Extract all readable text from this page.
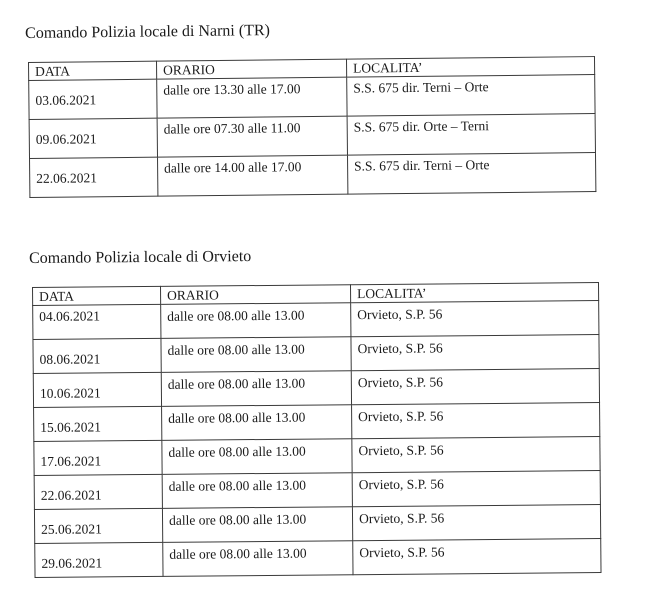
Comando Polizia locale di Narni (TR)
DATA	ORARIO	LOCALITA’
03.06.2021	dalle ore 13.30 alle 17.00	S.S. 675 dir. Terni – Orte
09.06.2021	dalle ore 07.30 alle 11.00	S.S. 675 dir. Orte – Terni
22.06.2021	dalle ore 14.00 alle 17.00	S.S. 675 dir. Terni – Orte
Comando Polizia locale di Orvieto
DATA	ORARIO	LOCALITA’
04.06.2021	dalle ore 08.00 alle 13.00	Orvieto, S.P. 56
08.06.2021	dalle ore 08.00 alle 13.00	Orvieto, S.P. 56
10.06.2021	dalle ore 08.00 alle 13.00	Orvieto, S.P. 56
15.06.2021	dalle ore 08.00 alle 13.00	Orvieto, S.P. 56
17.06.2021	dalle ore 08.00 alle 13.00	Orvieto, S.P. 56
22.06.2021	dalle ore 08.00 alle 13.00	Orvieto, S.P. 56
25.06.2021	dalle ore 08.00 alle 13.00	Orvieto, S.P. 56
29.06.2021	dalle ore 08.00 alle 13.00	Orvieto, S.P. 56
